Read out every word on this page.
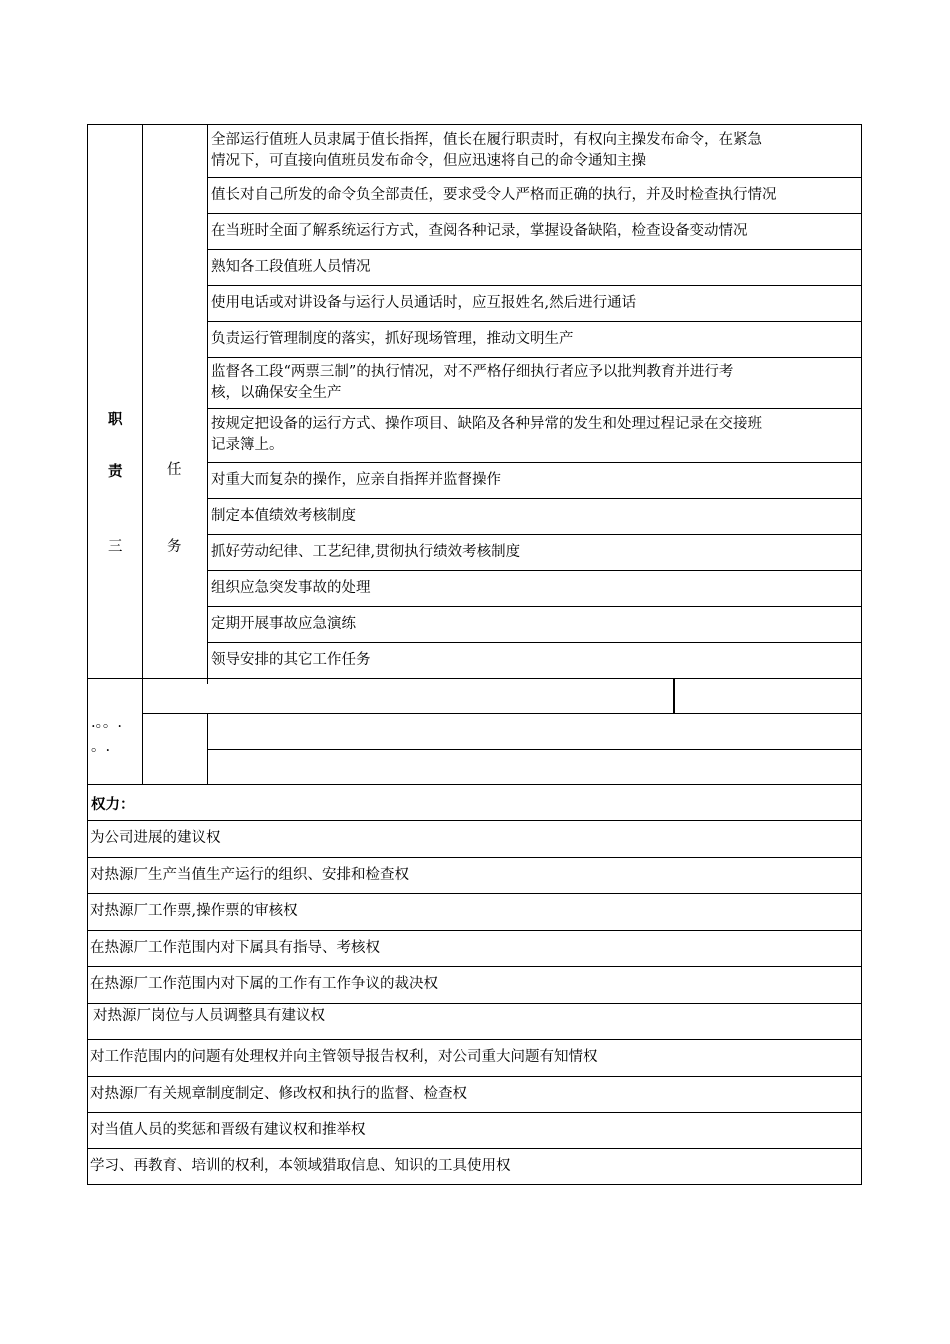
职
责
三
任
务
.。。.
。.
全部运行值班人员隶属于值长指挥，值长在履行职责时，有权向主操发布命令，在紧急
情况下，可直接向值班员发布命令，但应迅速将自己的命令通知主操
值长对自己所发的命令负全部责任，要求受令人严格而正确的执行，并及时检查执行情况
在当班时全面了解系统运行方式，查阅各种记录，掌握设备缺陷，检查设备变动情况
熟知各工段值班人员情况
使用电话或对讲设备与运行人员通话时，应互报姓名,然后进行通话
负责运行管理制度的落实，抓好现场管理，推动文明生产
监督各工段“两票三制”的执行情况，对不严格仔细执行者应予以批判教育并进行考
核，以确保安全生产
按规定把设备的运行方式、操作项目、缺陷及各种异常的发生和处理过程记录在交接班
记录簿上。
对重大而复杂的操作，应亲自指挥并监督操作
制定本值绩效考核制度
抓好劳动纪律、工艺纪律,贯彻执行绩效考核制度
组织应急突发事故的处理
定期开展事故应急演练
领导安排的其它工作任务
权力：
为公司进展的建议权
对热源厂生产当值生产运行的组织、安排和检查权
对热源厂工作票,操作票的审核权
在热源厂工作范围内对下属具有指导、考核权
在热源厂工作范围内对下属的工作有工作争议的裁决权
对热源厂岗位与人员调整具有建议权
对工作范围内的问题有处理权并向主管领导报告权利，对公司重大问题有知情权
对热源厂有关规章制度制定、修改权和执行的监督、检查权
对当值人员的奖惩和晋级有建议权和推举权
学习、再教育、培训的权利，本领域猎取信息、知识的工具使用权
